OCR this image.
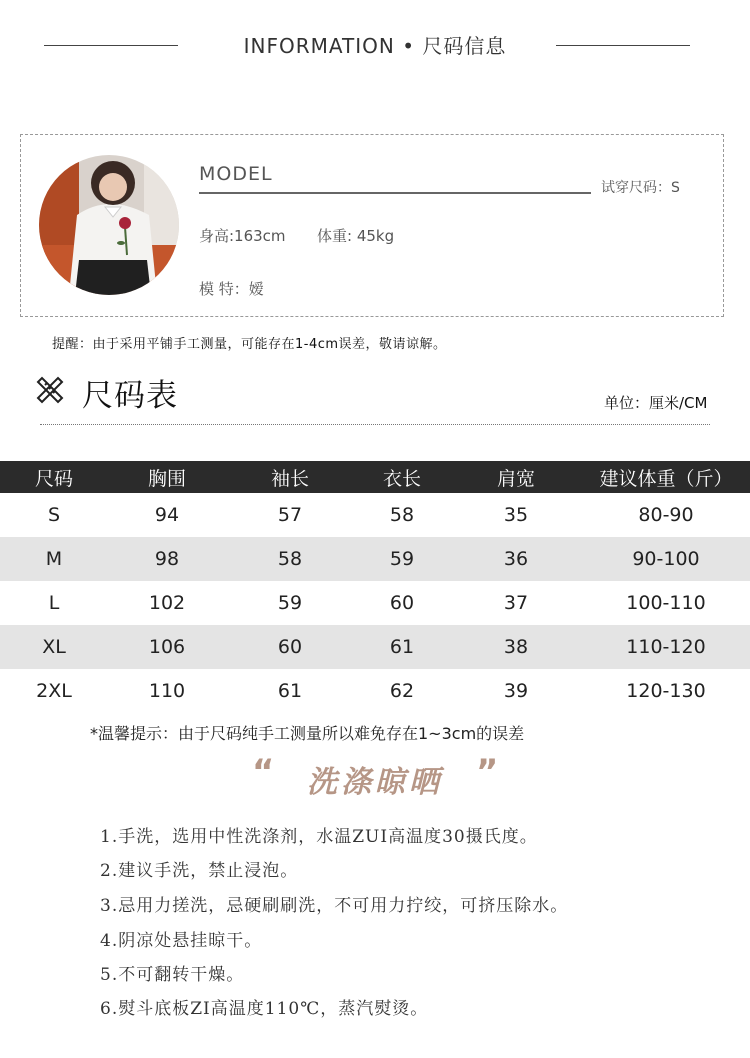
INFORMATION • 尺码信息
MODEL
试穿尺码：S
身高:163cm 体重: 45kg
模 特：嫒
提醒：由于采用平铺手工测量，可能存在1-4cm误差，敬请谅解。
尺码表	单位：厘米/CM
尺码	胸围	袖长	衣长	肩宽	建议体重（斤）
S	94	57	58	35	80-90
M	98	58	59	36	90-100
L	102	59	60	37	100-110
XL	106	60	61	38	110-120
2XL	110	61	62	39	120-130
*温馨提示：由于尺码纯手工测量所以难免存在1~3cm的误差
“	洗涤晾晒 ”
1.手洗，选用中性洗涤剂，水温ZUI高温度30摄氏度。
2.建议手洗，禁止浸泡。
3.忌用力搓洗，忌硬刷刷洗，不可用力拧绞，可挤压除水。
4.阴凉处悬挂晾干。
5.不可翻转干燥。
6.熨斗底板ZI高温度110℃，蒸汽熨烫。
